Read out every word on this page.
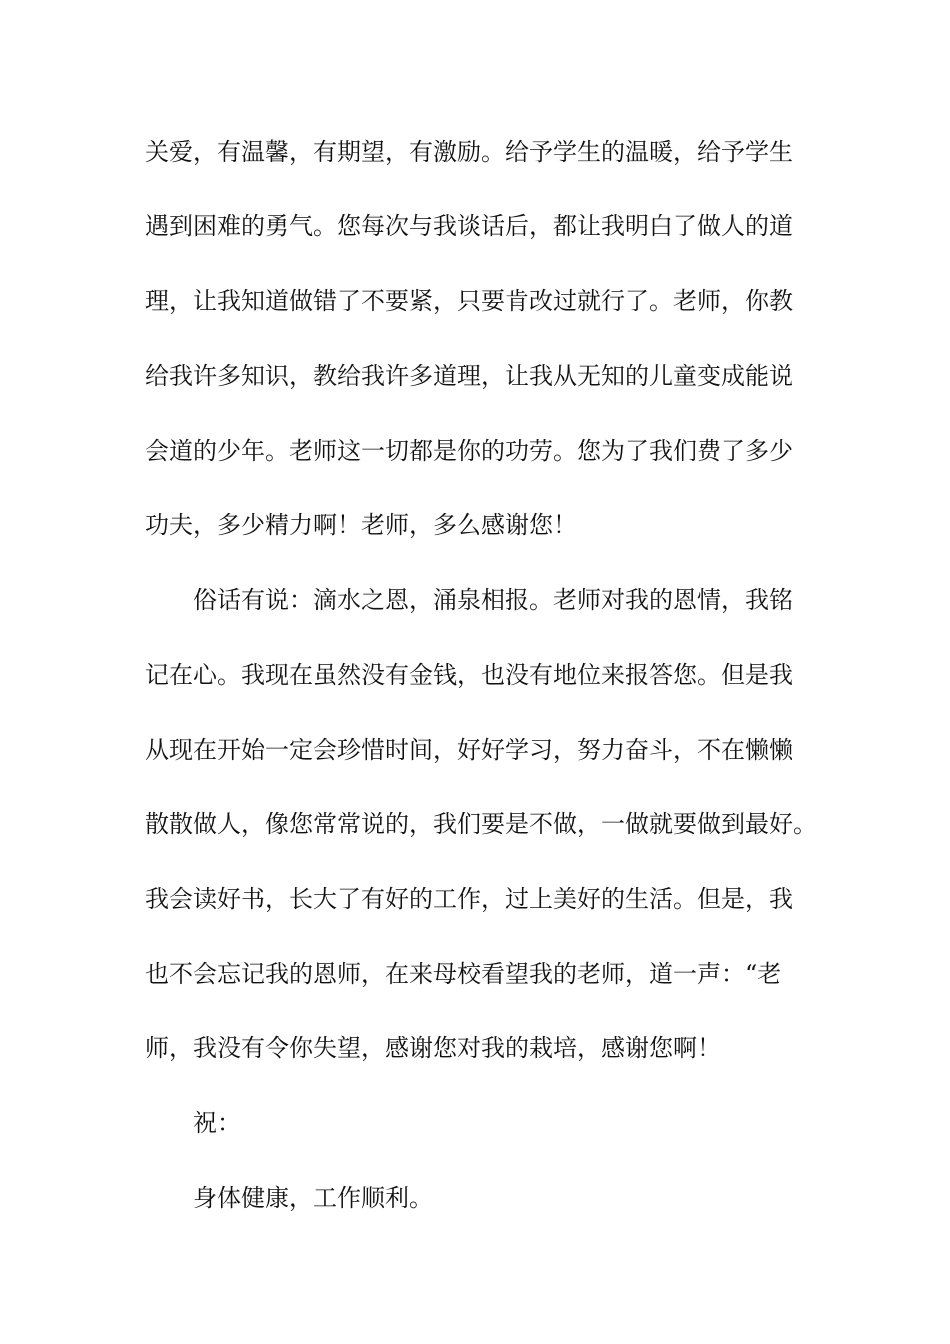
关爱，有温馨，有期望，有激励。给予学生的温暖，给予学生

遇到困难的勇气。您每次与我谈话后，都让我明白了做人的道

理，让我知道做错了不要紧，只要肯改过就行了。老师，你教

给我许多知识，教给我许多道理，让我从无知的儿童变成能说

会道的少年。老师这一切都是你的功劳。您为了我们费了多少

功夫，多少精力啊！老师，多么感谢您！

俗话有说：滴水之恩，涌泉相报。老师对我的恩情，我铭

记在心。我现在虽然没有金钱，也没有地位来报答您。但是我

从现在开始一定会珍惜时间，好好学习，努力奋斗，不在懒懒

散散做人，像您常常说的，我们要是不做，一做就要做到最好。

我会读好书，长大了有好的工作，过上美好的生活。但是，我

也不会忘记我的恩师，在来母校看望我的老师，道一声：“老

师，我没有令你失望，感谢您对我的栽培，感谢您啊！

祝：

身体健康，工作顺利。
